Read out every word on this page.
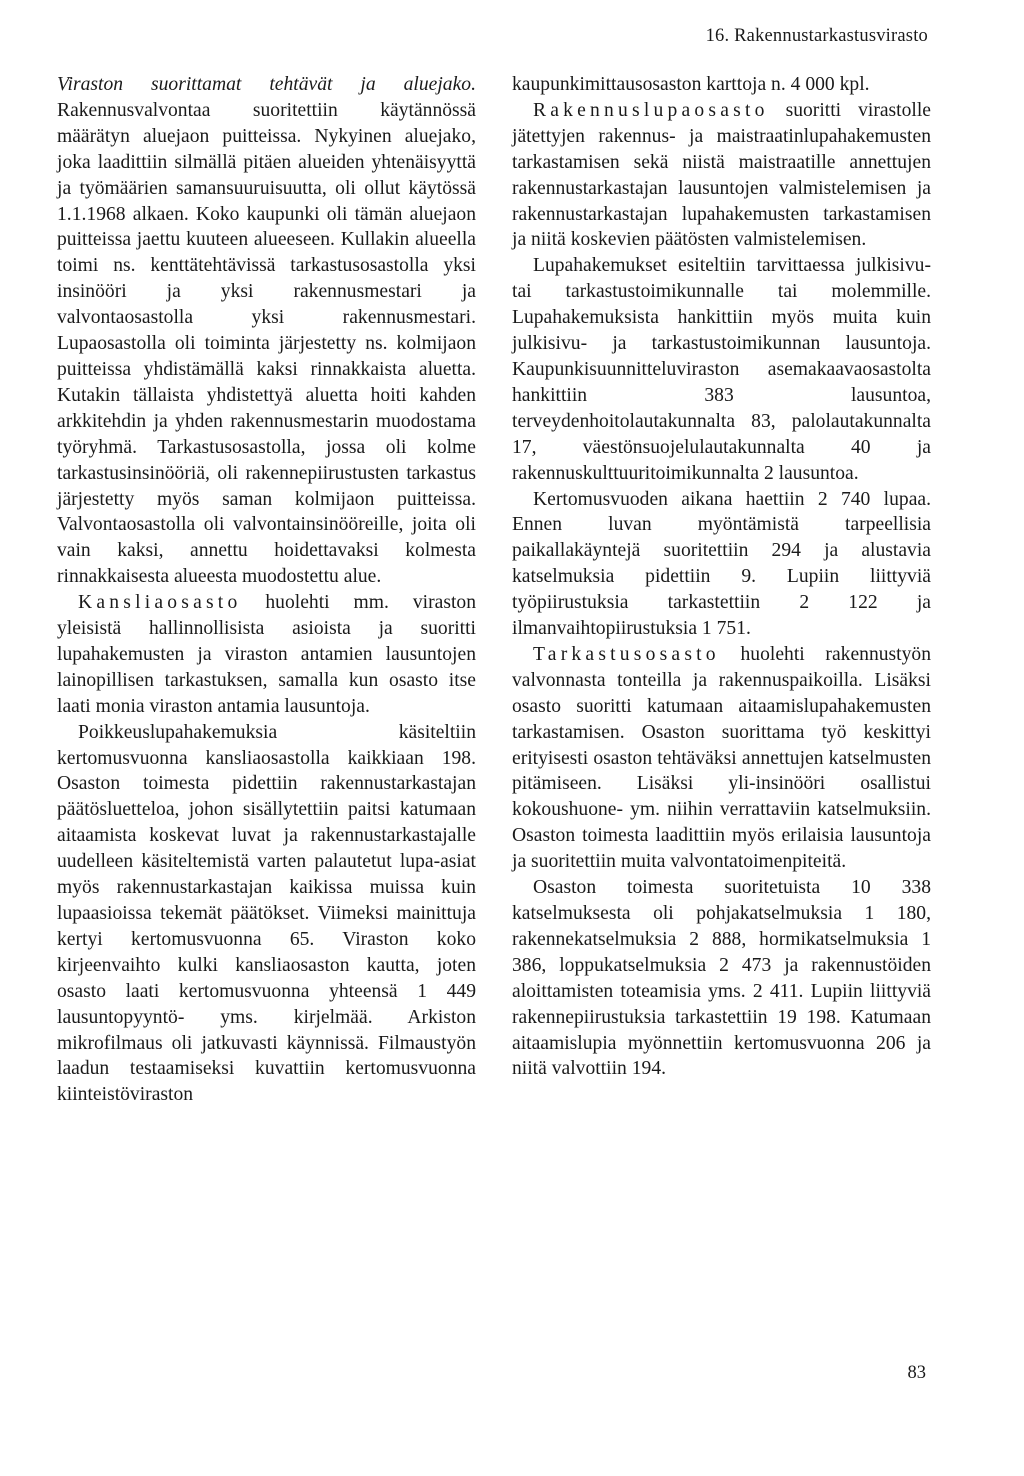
16. Rakennustarkastusvirasto

Viraston suorittamat tehtävät ja aluejako. Rakennusvalvontaa suoritettiin käytännössä määrätyn aluejaon puitteissa. Nykyinen aluejako, joka laadittiin silmällä pitäen alueiden yhtenäisyyttä ja työmäärien samansuuruisuutta, oli ollut käytössä 1.1.1968 alkaen. Koko kaupunki oli tämän aluejaon puitteissa jaettu kuuteen alueeseen. Kullakin alueella toimi ns. kenttätehtävissä tarkastusosastolla yksi insinööri ja yksi rakennusmestari ja valvontaosastolla yksi rakennusmestari. Lupaosastolla oli toiminta järjestetty ns. kolmijaon puitteissa yhdistämällä kaksi rinnakkaista aluetta. Kutakin tällaista yhdistettyä aluetta hoiti kahden arkkitehdin ja yhden rakennusmestarin muodostama työryhmä. Tarkastusosastolla, jossa oli kolme tarkastusinsinööriä, oli rakennepiirustusten tarkastus järjestetty myös saman kolmijaon puitteissa. Valvontaosastolla oli valvontainsinööreille, joita oli vain kaksi, annettu hoidettavaksi kolmesta rinnakkaisesta alueesta muodostettu alue.

Kansliaosasto huolehti mm. viraston yleisistä hallinnollisista asioista ja suoritti lupahakemusten ja viraston antamien lausuntojen lainopillisen tarkastuksen, samalla kun osasto itse laati monia viraston antamia lausuntoja.

Poikkeuslupahakemuksia käsiteltiin kertomusvuonna kansliaosastolla kaikkiaan 198. Osaston toimesta pidettiin rakennustarkastajan päätösluetteloa, johon sisällytettiin paitsi katumaan aitaamista koskevat luvat ja rakennustarkastajalle uudelleen käsiteltemistä varten palautetut lupa-asiat myös rakennustarkastajan kaikissa muissa kuin lupaasioissa tekemät päätökset. Viimeksi mainittuja kertyi kertomusvuonna 65. Viraston koko kirjeenvaihto kulki kansliaosaston kautta, joten osasto laati kertomusvuonna yhteensä 1 449 lausuntopyyntö- yms. kirjelmää. Arkiston mikrofilmaus oli jatkuvasti käynnissä. Filmaustyön laadun testaamiseksi kuvattiin kertomusvuonna kiinteistöviraston

kaupunkimittausosaston karttoja n. 4 000 kpl.

Rakennuslupaosasto suoritti virastolle jätettyjen rakennus- ja maistraatinlupahakemusten tarkastamisen sekä niistä maistraatille annettujen rakennustarkastajan lausuntojen valmistelemisen ja rakennustarkastajan lupahakemusten tarkastamisen ja niitä koskevien päätösten valmistelemisen.

Lupahakemukset esiteltiin tarvittaessa julkisivu- tai tarkastustoimikunnalle tai molemmille. Lupahakemuksista hankittiin myös muita kuin julkisivu- ja tarkastustoimikunnan lausuntoja. Kaupunkisuunnitteluviraston asemakaavaosastolta hankittiin 383 lausuntoa, terveydenhoitolautakunnalta 83, palolautakunnalta 17, väestönsuojelulautakunnalta 40 ja rakennuskulttuuritoimikunnalta 2 lausuntoa.

Kertomusvuoden aikana haettiin 2 740 lupaa. Ennen luvan myöntämistä tarpeellisia paikallakäyntejä suoritettiin 294 ja alustavia katselmuksia pidettiin 9. Lupiin liittyviä työpiirustuksia tarkastettiin 2 122 ja ilmanvaihtopiirustuksia 1 751.

Tarkastusosasto huolehti rakennustyön valvonnasta tonteilla ja rakennuspaikoilla. Lisäksi osasto suoritti katumaan aitaamislupahakemusten tarkastamisen. Osaston suorittama työ keskittyi erityisesti osaston tehtäväksi annettujen katselmusten pitämiseen. Lisäksi yli-insinööri osallistui kokoushuone- ym. niihin verrattaviin katselmuksiin. Osaston toimesta laadittiin myös erilaisia lausuntoja ja suoritettiin muita valvontatoimenpiteitä.

Osaston toimesta suoritetuista 10 338 katselmuksesta oli pohjakatselmuksia 1 180, rakennekatselmuksia 2 888, hormikatselmuksia 1 386, loppukatselmuksia 2 473 ja rakennustöiden aloittamisten toteamisia yms. 2 411. Lupiin liittyviä rakennepiirustuksia tarkastettiin 19 198. Katumaan aitaamislupia myönnettiin kertomusvuonna 206 ja niitä valvottiin 194.

83
